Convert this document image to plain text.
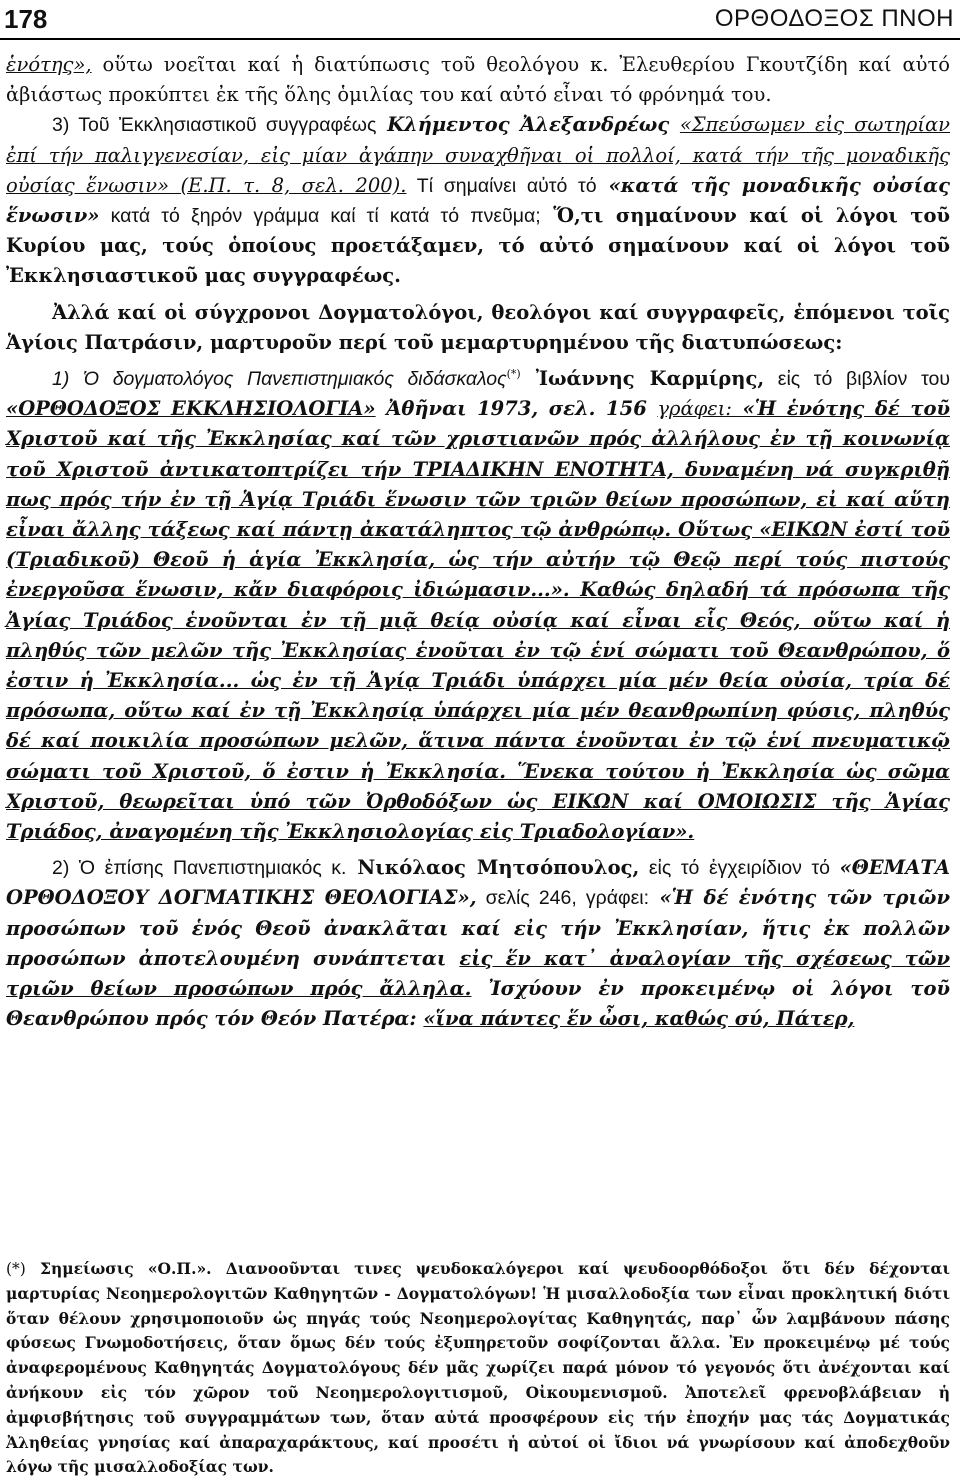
178	ΟΡΘΟΔΟΞΟΣ ΠΝΟΗ

ἑνότης», οὕτω νοεῖται καί ἡ διατύπωσις τοῦ θεολόγου κ. Ἐλευθερίου Γκουτζίδη καί αὐτό ἀβιάστως προκύπτει ἐκ τῆς ὅλης ὁμιλίας του καί αὐτό εἶναι τό φρόνημά του.

3) Τοῦ Ἐκκλησιαστικοῦ συγγραφέως Κλήμεντος Ἀλεξανδρέως «Σπεύσωμεν εἰς σωτηρίαν ἐπί τήν παλιγγενεσίαν, εἰς μίαν ἀγάπην συναχθῆναι οἱ πολλοί, κατά τήν τῆς μοναδικῆς οὐσίας ἕνωσιν» (Ε.Π. τ. 8, σελ. 200). Τί σημαίνει αὐτό τό «κατά τῆς μοναδικῆς οὐσίας ἕνωσιν» κατά τό ξηρόν γράμμα καί τί κατά τό πνεῦμα; Ὅ,τι σημαίνουν καί οἱ λόγοι τοῦ Κυρίου μας, τούς ὁποίους προετάξαμεν, τό αὐτό σημαίνουν καί οἱ λόγοι τοῦ Ἐκκλησιαστικοῦ μας συγγραφέως.

Ἀλλά καί οἱ σύγχρονοι Δογματολόγοι, θεολόγοι καί συγγραφεῖς, ἑπόμενοι τοῖς Ἁγίοις Πατράσιν, μαρτυροῦν περί τοῦ μεμαρτυρημένου τῆς διατυπώσεως:

1) Ὁ δογματολόγος Πανεπιστημιακός διδάσκαλος(*) Ἰωάννης Καρμίρης, εἰς τό βιβλίον του «ΟΡΘΟΔΟΞΟΣ ΕΚΚΛΗΣΙΟΛΟΓΙΑ» Ἀθῆναι 1973, σελ. 156 γράφει: «Ἡ ἑνότης δέ τοῦ Χριστοῦ καί τῆς Ἐκκλησίας καί τῶν χριστιανῶν πρός ἀλλήλους ἐν τῇ κοινωνίᾳ τοῦ Χριστοῦ ἀντικατοπτρίζει τήν ΤΡΙΑΔΙΚΗΝ ΕΝΟΤΗΤΑ, δυναμένη νά συγκριθῇ πως πρός τήν ἐν τῇ Ἁγίᾳ Τριάδι ἕνωσιν τῶν τριῶν θείων προσώπων, εἰ καί αὕτη εἶναι ἄλλης τάξεως καί πάντῃ ἀκατάληπτος τῷ ἀνθρώπῳ. Οὕτως «ΕΙΚΩΝ ἐστί τοῦ (Τριαδικοῦ) Θεοῦ ἡ ἁγία Ἐκκλησία, ὡς τήν αὐτήν τῷ Θεῷ περί τούς πιστούς ἐνεργοῦσα ἕνωσιν, κἄν διαφόροις ἰδιώμασιν...». Καθώς δηλαδή τά πρόσωπα τῆς Ἁγίας Τριάδος ἑνοῦνται ἐν τῇ μιᾷ θείᾳ οὐσίᾳ καί εἶναι εἷς Θεός, οὕτω καί ἡ πληθύς τῶν μελῶν τῆς Ἐκκλησίας ἑνοῦται ἐν τῷ ἑνί σώματι τοῦ Θεανθρώπου, ὅ ἐστιν ἡ Ἐκκλησία... ὡς ἐν τῇ Ἁγίᾳ Τριάδι ὑπάρχει μία μέν θεία οὐσία, τρία δέ πρόσωπα, οὕτω καί ἐν τῇ Ἐκκλησίᾳ ὑπάρχει μία μέν θεανθρωπίνη φύσις, πληθύς δέ καί ποικιλία προσώπων μελῶν, ἅτινα πάντα ἑνοῦνται ἐν τῷ ἑνί πνευματικῷ σώματι τοῦ Χριστοῦ, ὅ ἐστιν ἡ Ἐκκλησία. Ἕνεκα τούτου ἡ Ἐκκλησία ὡς σῶμα Χριστοῦ, θεωρεῖται ὑπό τῶν Ὀρθοδόξων ὡς ΕΙΚΩΝ καί ΟΜΟΙΩΣΙΣ τῆς Ἁγίας Τριάδος, ἀναγομένη τῆς Ἐκκλησιολογίας εἰς Τριαδολογίαν».

2) Ὁ ἐπίσης Πανεπιστημιακός κ. Νικόλαος Μητσόπουλος, εἰς τό ἐγχειρίδιον τό «ΘΕΜΑΤΑ ΟΡΘΟΔΟΞΟΥ ΔΟΓΜΑΤΙΚΗΣ ΘΕΟΛΟΓΙΑΣ», σελίς 246, γράφει: «Ἡ δέ ἑνότης τῶν τριῶν προσώπων τοῦ ἑνός Θεοῦ ἀνακλᾶται καί εἰς τήν Ἐκκλησίαν, ἥτις ἐκ πολλῶν προσώπων ἀποτελουμένη συνάπτεται εἰς ἕν κατ᾽ ἀναλογίαν τῆς σχέσεως τῶν τριῶν θείων προσώπων πρός ἄλληλα. Ἰσχύουν ἐν προκειμένῳ οἱ λόγοι τοῦ Θεανθρώπου πρός τόν Θεόν Πατέρα: «ἵνα πάντες ἕν ὦσι, καθώς σύ, Πάτερ,

(*) Σημείωσις «Ο.Π.». Διανοοῦνται τινες ψευδοκαλόγεροι καί ψευδοορθόδοξοι ὅτι δέν δέχονται μαρτυρίας Νεοημερολογιτῶν Καθηγητῶν - Δογματολόγων! Ἡ μισαλλοδοξία των εἶναι προκλητική διότι ὅταν θέλουν χρησιμοποιοῦν ὡς πηγάς τούς Νεοημερολογίτας Καθηγητάς, παρ᾽ ὧν λαμβάνουν πάσης φύσεως Γνωμοδοτήσεις, ὅταν ὅμως δέν τούς ἐξυπηρετοῦν σοφίζονται ἄλλα. Ἐν προκειμένῳ μέ τούς ἀναφερομένους Καθηγητάς Δογματολόγους δέν μᾶς χωρίζει παρά μόνον τό γεγονός ὅτι ἀνέχονται καί ἀνήκουν εἰς τόν χῶρον τοῦ Νεοημερολογιτισμοῦ, Οἰκουμενισμοῦ. Ἀποτελεῖ φρενοβλάβειαν ἡ ἀμφισβήτησις τοῦ συγγραμμάτων των, ὅταν αὐτά προσφέρουν εἰς τήν ἐποχήν μας τάς Δογματικάς Ἀληθείας γνησίας καί ἀπαραχαράκτους, καί προσέτι ἡ αὐτοί οἱ ἴδιοι νά γνωρίσουν καί ἀποδεχθοῦν λόγω τῆς μισαλλοδοξίας των.
